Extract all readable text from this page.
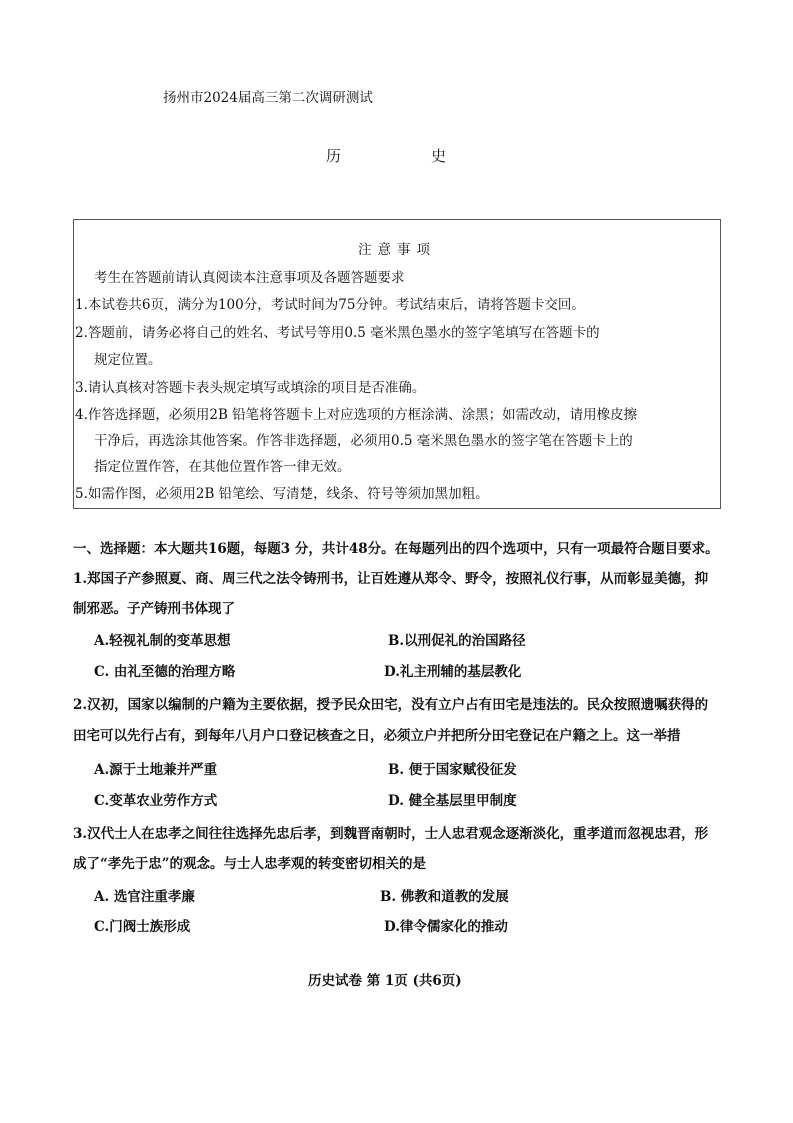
扬州市2024届高三第二次调研测试
历	史
注意事项
考生在答题前请认真阅读本注意事项及各题答题要求
1.本试卷共6页，满分为100分，考试时间为75分钟。考试结束后，请将答题卡交回。
2.答题前，请务必将自己的姓名、考试号等用0.5 毫米黑色墨水的签字笔填写在答题卡的
规定位置。
3.请认真核对答题卡表头规定填写或填涂的项目是否准确。
4.作答选择题，必须用2B 铅笔将答题卡上对应选项的方框涂满、涂黑；如需改动，请用橡皮擦
干净后，再选涂其他答案。作答非选择题，必须用0.5 毫米黑色墨水的签字笔在答题卡上的
指定位置作答，在其他位置作答一律无效。
5.如需作图，必须用2B 铅笔绘、写清楚，线条、符号等须加黑加粗。
一、选择题：本大题共16题，每题3 分，共计48分。在每题列出的四个选项中，只有一项最符合题目要求。
1.郑国子产参照夏、商、周三代之法令铸刑书，让百姓遵从郑令、野令，按照礼仪行事，从而彰显美德，抑
制邪恶。子产铸刑书体现了
A.轻视礼制的变革思想	B.以刑促礼的治国路径
C. 由礼至德的治理方略	D.礼主刑辅的基层教化
2.汉初，国家以编制的户籍为主要依据，授予民众田宅，没有立户占有田宅是违法的。民众按照遗嘱获得的
田宅可以先行占有，到每年八月户口登记核查之日，必须立户并把所分田宅登记在户籍之上。这一举措
A.源于土地兼并严重	B. 便于国家赋役征发
C.变革农业劳作方式	D. 健全基层里甲制度
3.汉代士人在忠孝之间往往选择先忠后孝，到魏晋南朝时，士人忠君观念逐渐淡化，重孝道而忽视忠君，形
成了“孝先于忠”的观念。与士人忠孝观的转变密切相关的是
A. 选官注重孝廉	B. 佛教和道教的发展
C.门阀士族形成	D.律令儒家化的推动
历史试卷 第 1页 (共6页)
